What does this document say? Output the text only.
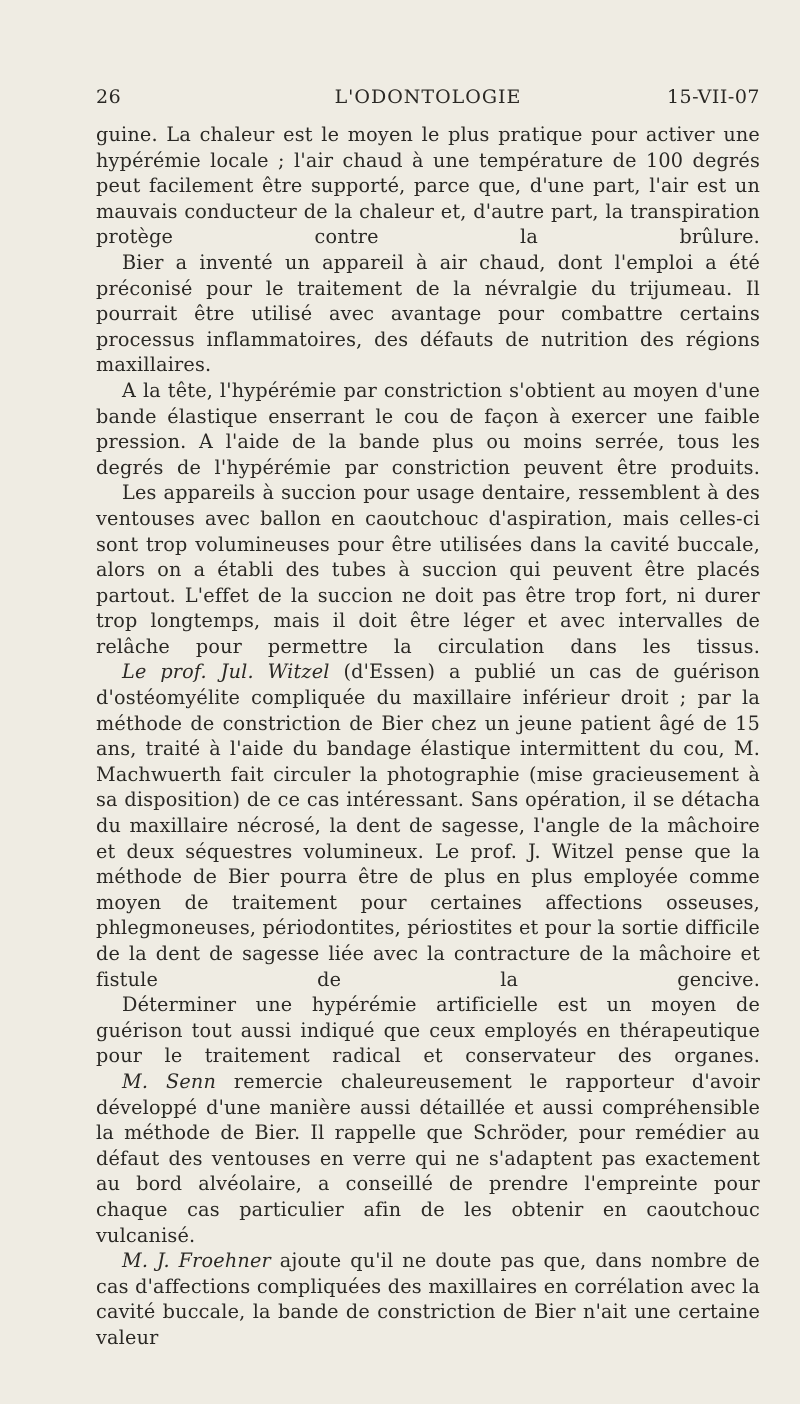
26	L'ODONTOLOGIE	15-VII-07

guine. La chaleur est le moyen le plus pratique pour activer une hypérémie locale ; l'air chaud à une température de 100 degrés peut facilement être supporté, parce que, d'une part, l'air est un mauvais conducteur de la chaleur et, d'autre part, la transpiration protège contre la brûlure.

Bier a inventé un appareil à air chaud, dont l'emploi a été préconisé pour le traitement de la névralgie du trijumeau. Il pourrait être utilisé avec avantage pour combattre certains processus inflammatoires, des défauts de nutrition des régions maxillaires.

A la tête, l'hypérémie par constriction s'obtient au moyen d'une bande élastique enserrant le cou de façon à exercer une faible pression. A l'aide de la bande plus ou moins serrée, tous les degrés de l'hypérémie par constriction peuvent être produits.

Les appareils à succion pour usage dentaire, ressemblent à des ventouses avec ballon en caoutchouc d'aspiration, mais celles-ci sont trop volumineuses pour être utilisées dans la cavité buccale, alors on a établi des tubes à succion qui peuvent être placés partout. L'effet de la succion ne doit pas être trop fort, ni durer trop longtemps, mais il doit être léger et avec intervalles de relâche pour permettre la circulation dans les tissus.

Le prof. Jul. Witzel (d'Essen) a publié un cas de guérison d'ostéomyélite compliquée du maxillaire inférieur droit ; par la méthode de constriction de Bier chez un jeune patient âgé de 15 ans, traité à l'aide du bandage élastique intermittent du cou, M. Machwuerth fait circuler la photographie (mise gracieusement à sa disposition) de ce cas intéressant. Sans opération, il se détacha du maxillaire nécrosé, la dent de sagesse, l'angle de la mâchoire et deux séquestres volumineux. Le prof. J. Witzel pense que la méthode de Bier pourra être de plus en plus employée comme moyen de traitement pour certaines affections osseuses, phlegmoneuses, périodontites, périostites et pour la sortie difficile de la dent de sagesse liée avec la contracture de la mâchoire et fistule de la gencive.

Déterminer une hypérémie artificielle est un moyen de guérison tout aussi indiqué que ceux employés en thérapeutique pour le traitement radical et conservateur des organes.

M. Senn remercie chaleureusement le rapporteur d'avoir développé d'une manière aussi détaillée et aussi compréhensible la méthode de Bier. Il rappelle que Schröder, pour remédier au défaut des ventouses en verre qui ne s'adaptent pas exactement au bord alvéolaire, a conseillé de prendre l'empreinte pour chaque cas particulier afin de les obtenir en caoutchouc vulcanisé.

M. J. Froehner ajoute qu'il ne doute pas que, dans nombre de cas d'affections compliquées des maxillaires en corrélation avec la cavité buccale, la bande de constriction de Bier n'ait une certaine valeur
